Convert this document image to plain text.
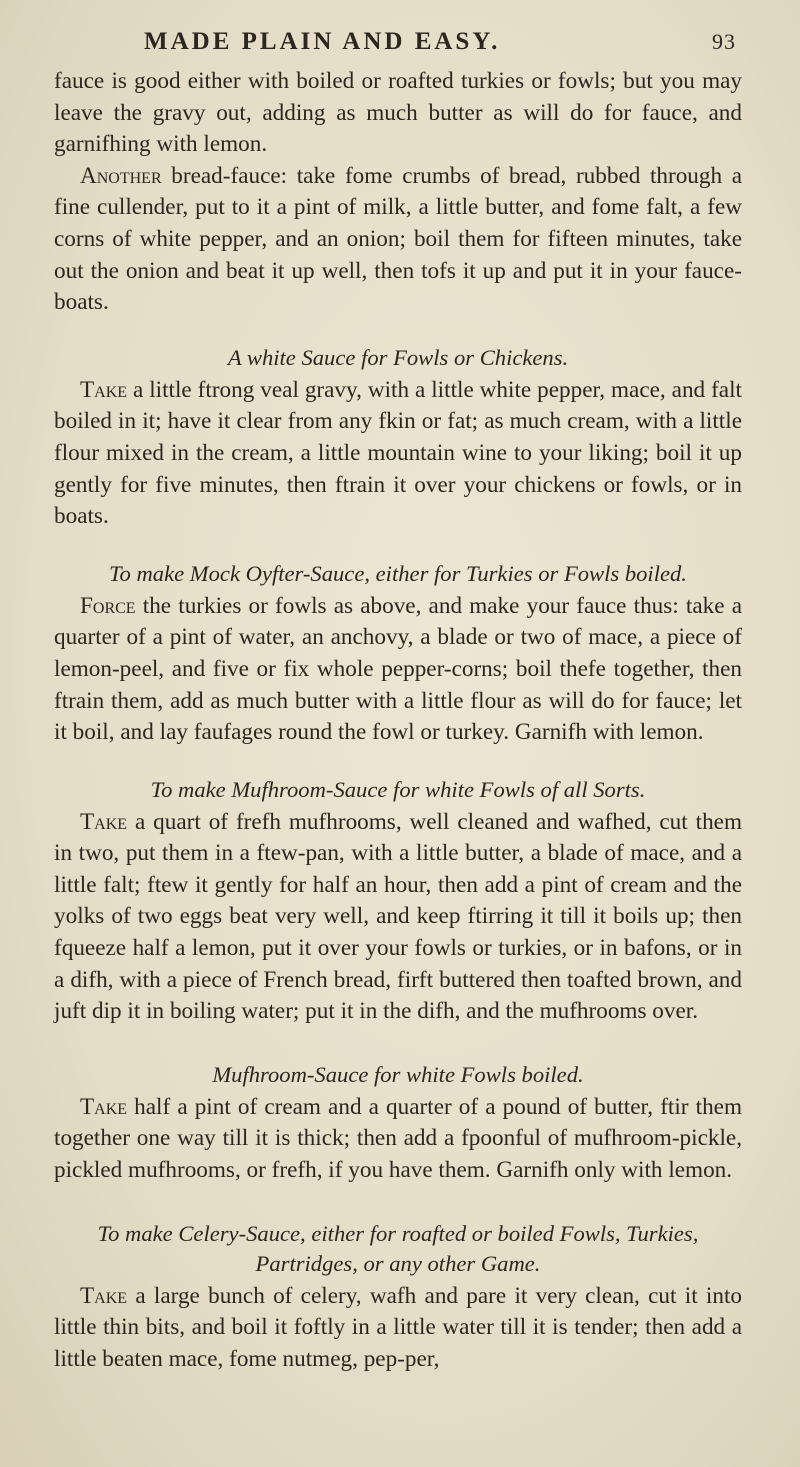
MADE PLAIN AND EASY.	93

fauce is good either with boiled or roafted turkies or fowls; but you may leave the gravy out, adding as much butter as will do for fauce, and garnifhing with lemon.

Another bread-fauce: take fome crumbs of bread, rubbed through a fine cullender, put to it a pint of milk, a little butter, and fome falt, a few corns of white pepper, and an onion; boil them for fifteen minutes, take out the onion and beat it up well, then tofs it up and put it in your fauce-boats.

A white Sauce for Fowls or Chickens.

Take a little ftrong veal gravy, with a little white pepper, mace, and falt boiled in it; have it clear from any fkin or fat; as much cream, with a little flour mixed in the cream, a little mountain wine to your liking; boil it up gently for five minutes, then ftrain it over your chickens or fowls, or in boats.

To make Mock Oyfter-Sauce, either for Turkies or Fowls boiled.

Force the turkies or fowls as above, and make your fauce thus: take a quarter of a pint of water, an anchovy, a blade or two of mace, a piece of lemon-peel, and five or fix whole pepper-corns; boil thefe together, then ftrain them, add as much butter with a little flour as will do for fauce; let it boil, and lay faufages round the fowl or turkey. Garnifh with lemon.

To make Mufhroom-Sauce for white Fowls of all Sorts.

Take a quart of frefh mufhrooms, well cleaned and wafhed, cut them in two, put them in a ftew-pan, with a little butter, a blade of mace, and a little falt; ftew it gently for half an hour, then add a pint of cream and the yolks of two eggs beat very well, and keep ftirring it till it boils up; then fqueeze half a lemon, put it over your fowls or turkies, or in bafons, or in a difh, with a piece of French bread, firft buttered then toafted brown, and juft dip it in boiling water; put it in the difh, and the mufhrooms over.

Mufhroom-Sauce for white Fowls boiled.

Take half a pint of cream and a quarter of a pound of butter, ftir them together one way till it is thick; then add a fpoonful of mufhroom-pickle, pickled mufhrooms, or frefh, if you have them. Garnifh only with lemon.

To make Celery-Sauce, either for roafted or boiled Fowls, Turkies, Partridges, or any other Game.

Take a large bunch of celery, wafh and pare it very clean, cut it into little thin bits, and boil it foftly in a little water till it is tender; then add a little beaten mace, fome nutmeg, pep-per,
